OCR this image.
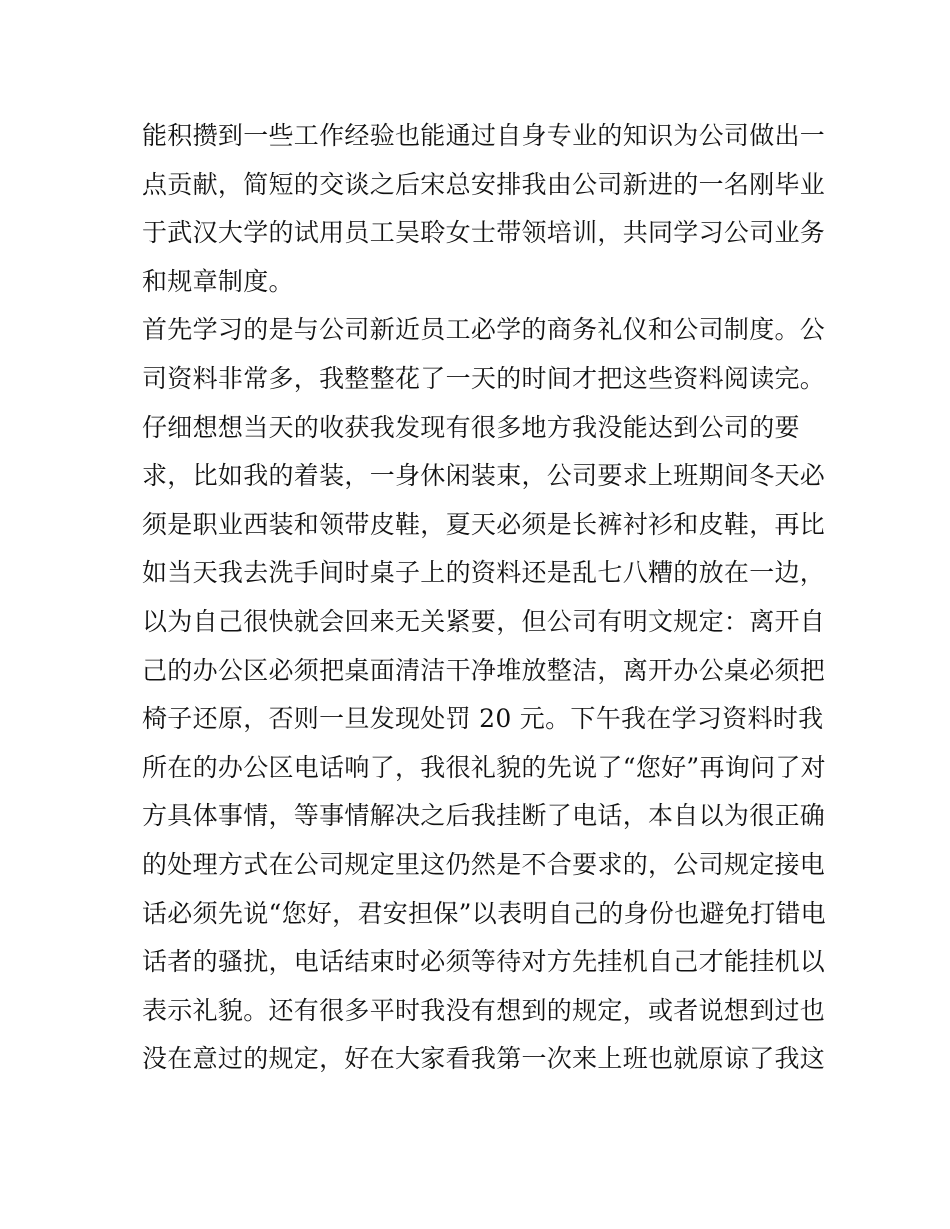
能积攒到一些工作经验也能通过自身专业的知识为公司做出一
点贡献，简短的交谈之后宋总安排我由公司新进的一名刚毕业
于武汉大学的试用员工吴聆女士带领培训，共同学习公司业务
和规章制度。
首先学习的是与公司新近员工必学的商务礼仪和公司制度。公
司资料非常多，我整整花了一天的时间才把这些资料阅读完。
仔细想想当天的收获我发现有很多地方我没能达到公司的要
求，比如我的着装，一身休闲装束，公司要求上班期间冬天必
须是职业西装和领带皮鞋，夏天必须是长裤衬衫和皮鞋，再比
如当天我去洗手间时桌子上的资料还是乱七八糟的放在一边，
以为自己很快就会回来无关紧要，但公司有明文规定：离开自
己的办公区必须把桌面清洁干净堆放整洁，离开办公桌必须把
椅子还原，否则一旦发现处罚 20 元。下午我在学习资料时我
所在的办公区电话响了，我很礼貌的先说了“您好”再询问了对
方具体事情，等事情解决之后我挂断了电话，本自以为很正确
的处理方式在公司规定里这仍然是不合要求的，公司规定接电
话必须先说“您好，君安担保”以表明自己的身份也避免打错电
话者的骚扰，电话结束时必须等待对方先挂机自己才能挂机以
表示礼貌。还有很多平时我没有想到的规定，或者说想到过也
没在意过的规定，好在大家看我第一次来上班也就原谅了我这
